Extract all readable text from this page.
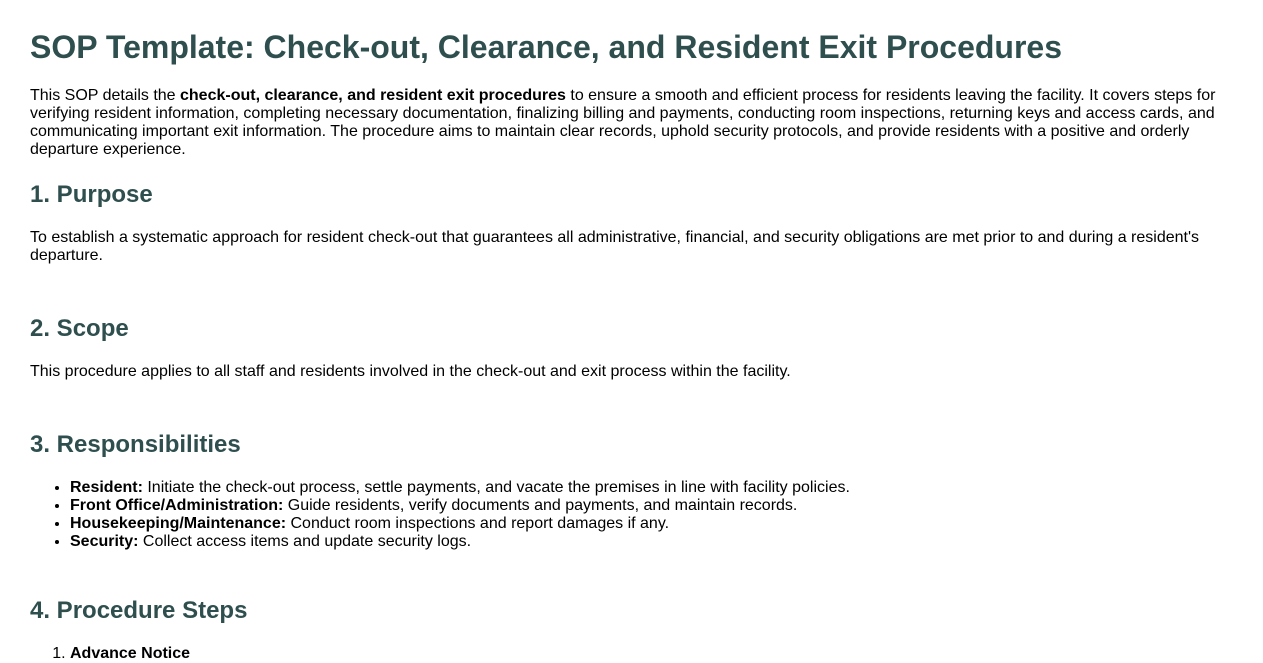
SOP Template: Check-out, Clearance, and Resident Exit Procedures

This SOP details the check-out, clearance, and resident exit procedures to ensure a smooth and efficient process for residents leaving the facility. It covers steps for verifying resident information, completing necessary documentation, finalizing billing and payments, conducting room inspections, returning keys and access cards, and communicating important exit information. The procedure aims to maintain clear records, uphold security protocols, and provide residents with a positive and orderly departure experience.

1. Purpose

To establish a systematic approach for resident check-out that guarantees all administrative, financial, and security obligations are met prior to and during a resident's departure.

2. Scope

This procedure applies to all staff and residents involved in the check-out and exit process within the facility.

3. Responsibilities
• Resident: Initiate the check-out process, settle payments, and vacate the premises in line with facility policies.
• Front Office/Administration: Guide residents, verify documents and payments, and maintain records.
• Housekeeping/Maintenance: Conduct room inspections and report damages if any.
• Security: Collect access items and update security logs.
4. Procedure Steps
1. Advance Notice
